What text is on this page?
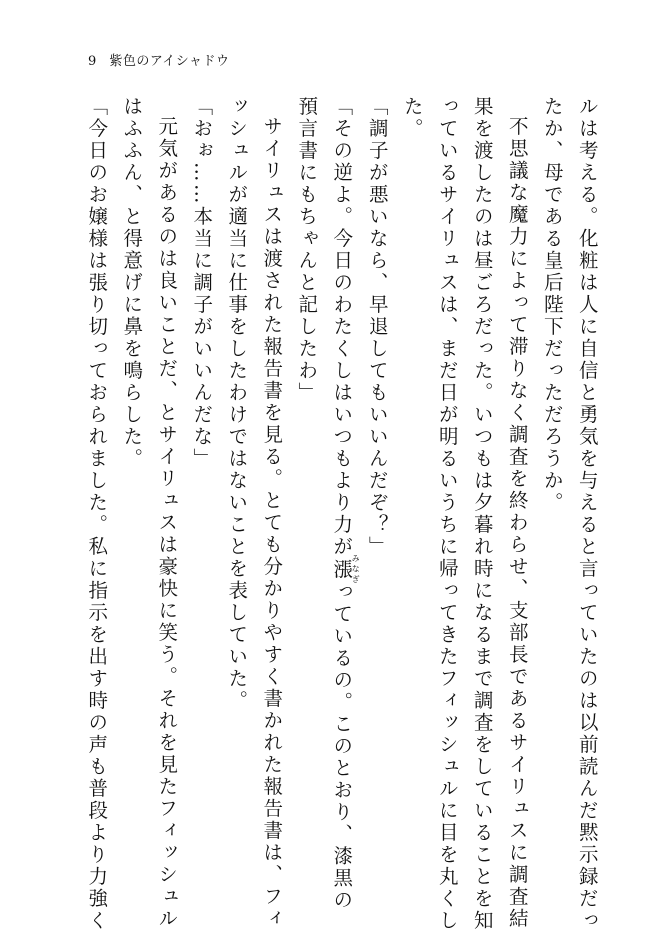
9 紫色のアイシャドウ
ルは考える。化粧は人に自信と勇気を与えると言っていたのは以前読んだ黙示録だっ
たか、母である皇后陛下だっただろうか。
不思議な魔力によって滞りなく調査を終わらせ、支部長であるサイリュスに調査結
果を渡したのは昼ごろだった。いつもは夕暮れ時になるまで調査をしていることを知
っているサイリュスは、まだ日が明るいうちに帰ってきたフィッシュルに目を丸くし
た。
「調子が悪いなら、早退してもいいんだぞ？」
「その逆よ。今日のわたくしはいつもより力が漲みなぎっているの。このとおり、漆黒の
預言書にもちゃんと記したわ」
サイリュスは渡された報告書を見る。とても分かりやすく書かれた報告書は、フィ
ッシュルが適当に仕事をしたわけではないことを表していた。
「おぉ……本当に調子がいいんだな」
元気があるのは良いことだ、とサイリュスは豪快に笑う。それを見たフィッシュル
はふふん、と得意げに鼻を鳴らした。
「今日のお嬢様は張り切っておられました。私に指示を出す時の声も普段より力強く
